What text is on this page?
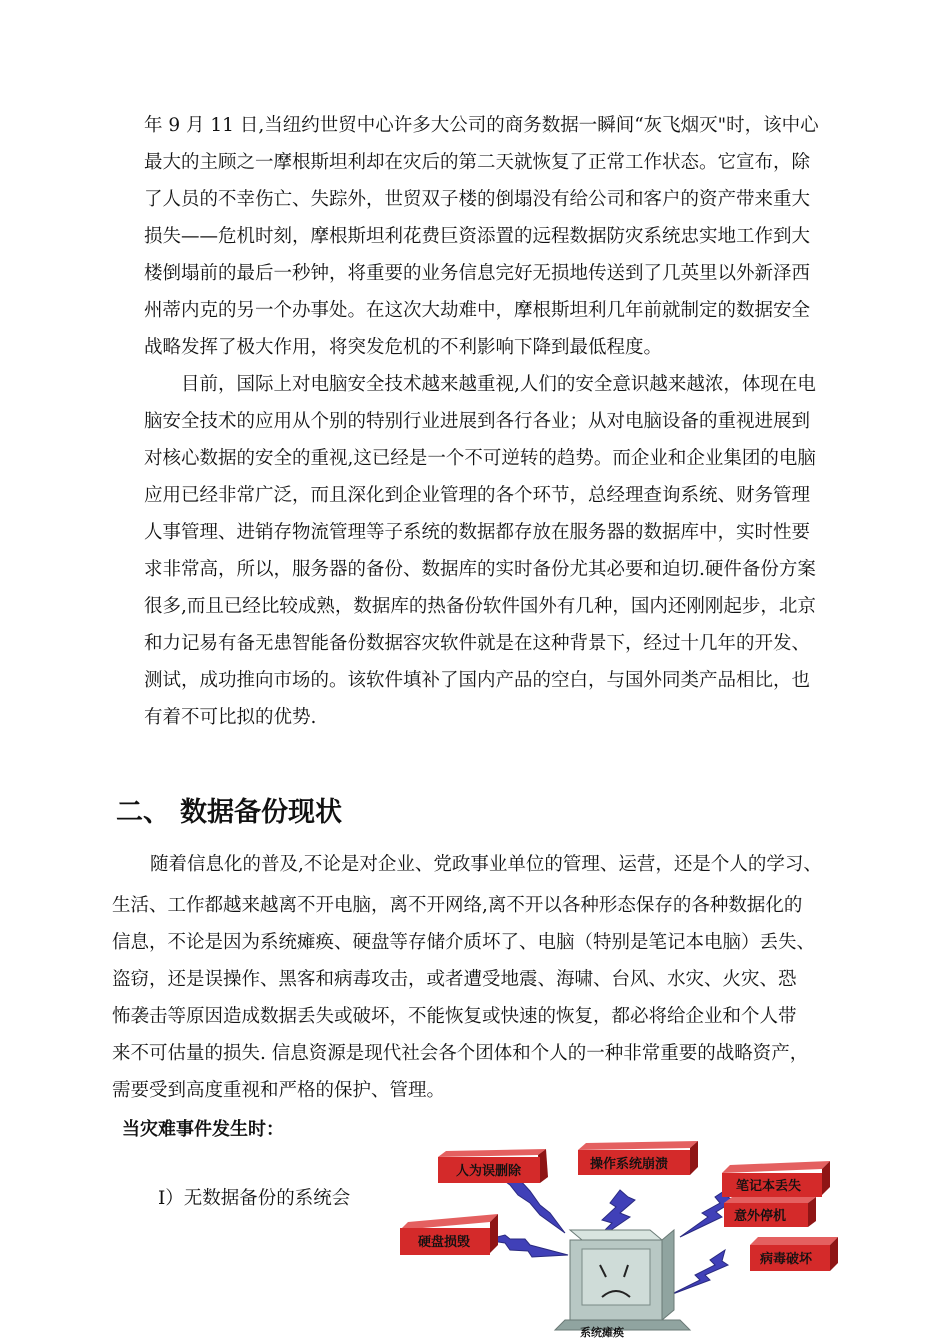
年 9 月 11 日,当纽约世贸中心许多大公司的商务数据一瞬间“灰飞烟灭"时，该中心
最大的主顾之一摩根斯坦利却在灾后的第二天就恢复了正常工作状态。它宣布，除
了人员的不幸伤亡、失踪外，世贸双子楼的倒塌没有给公司和客户的资产带来重大
损失——危机时刻，摩根斯坦利花费巨资添置的远程数据防灾系统忠实地工作到大
楼倒塌前的最后一秒钟，将重要的业务信息完好无损地传送到了几英里以外新泽西
州蒂内克的另一个办事处。在这次大劫难中，摩根斯坦利几年前就制定的数据安全
战略发挥了极大作用，将突发危机的不利影响下降到最低程度。
目前，国际上对电脑安全技术越来越重视,人们的安全意识越来越浓，体现在电
脑安全技术的应用从个别的特别行业进展到各行各业；从对电脑设备的重视进展到
对核心数据的安全的重视,这已经是一个不可逆转的趋势。而企业和企业集团的电脑
应用已经非常广泛，而且深化到企业管理的各个环节，总经理查询系统、财务管理
人事管理、进销存物流管理等子系统的数据都存放在服务器的数据库中，实时性要
求非常高，所以，服务器的备份、数据库的实时备份尤其必要和迫切.硬件备份方案
很多,而且已经比较成熟，数据库的热备份软件国外有几种，国内还刚刚起步，北京
和力记易有备无患智能备份数据容灾软件就是在这种背景下，经过十几年的开发、
测试，成功推向市场的。该软件填补了国内产品的空白，与国外同类产品相比，也
有着不可比拟的优势.
二、 数据备份现状
随着信息化的普及,不论是对企业、党政事业单位的管理、运营，还是个人的学习、
生活、工作都越来越离不开电脑，离不开网络,离不开以各种形态保存的各种数据化的
信息，不论是因为系统瘫痪、硬盘等存储介质坏了、电脑（特别是笔记本电脑）丢失、
盗窃，还是误操作、黑客和病毒攻击，或者遭受地震、海啸、台风、水灾、火灾、恐
怖袭击等原因造成数据丢失或破坏，不能恢复或快速的恢复，都必将给企业和个人带
来不可估量的损失. 信息资源是现代社会各个团体和个人的一种非常重要的战略资产，
需要受到高度重视和严格的保护、管理。
当灾难事件发生时：
Ⅰ）无数据备份的系统会
人为误删除	操作系统崩溃
笔记本丢失
意外停机
硬盘损毁
病毒破坏
系统瘫痪
